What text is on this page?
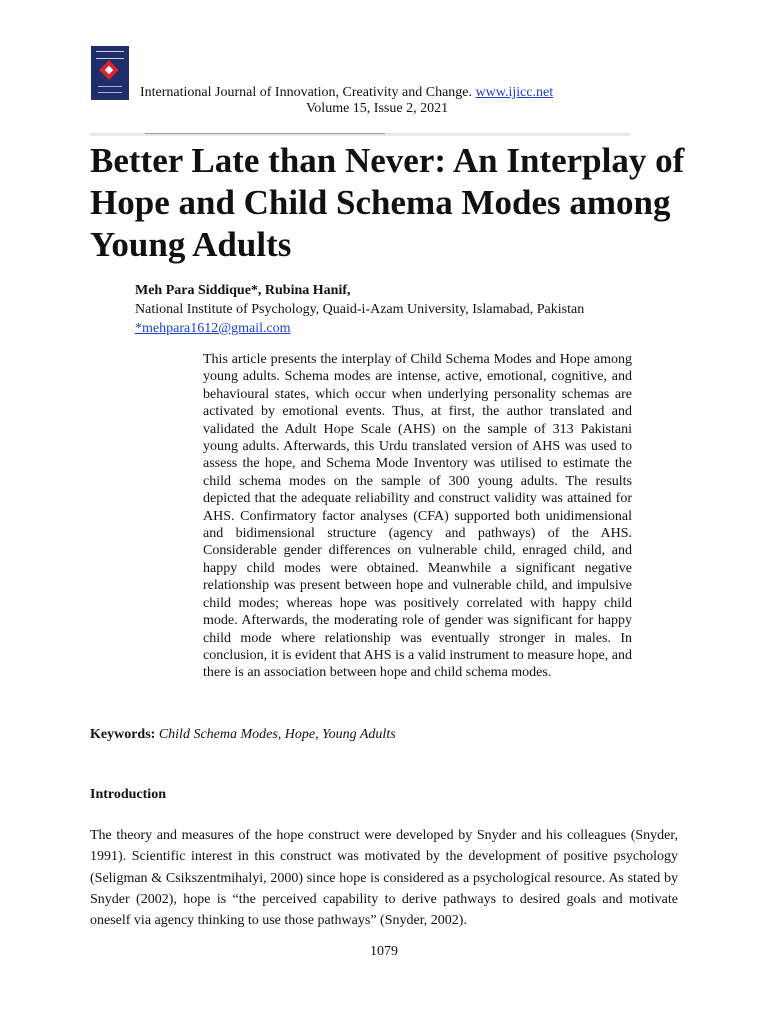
International Journal of Innovation, Creativity and Change. www.ijicc.net
Volume 15, Issue 2, 2021
Better Late than Never: An Interplay of Hope and Child Schema Modes among Young Adults
Meh Para Siddique*, Rubina Hanif,
National Institute of Psychology, Quaid-i-Azam University, Islamabad, Pakistan
*mehpara1612@gmail.com

This article presents the interplay of Child Schema Modes and Hope among young adults. Schema modes are intense, active, emotional, cognitive, and behavioural states, which occur when underlying personality schemas are activated by emotional events. Thus, at first, the author translated and validated the Adult Hope Scale (AHS) on the sample of 313 Pakistani young adults. Afterwards, this Urdu translated version of AHS was used to assess the hope, and Schema Mode Inventory was utilised to estimate the child schema modes on the sample of 300 young adults. The results depicted that the adequate reliability and construct validity was attained for AHS. Confirmatory factor analyses (CFA) supported both unidimensional and bidimensional structure (agency and pathways) of the AHS. Considerable gender differences on vulnerable child, enraged child, and happy child modes were obtained. Meanwhile a significant negative relationship was present between hope and vulnerable child, and impulsive child modes; whereas hope was positively correlated with happy child mode. Afterwards, the moderating role of gender was significant for happy child mode where relationship was eventually stronger in males. In conclusion, it is evident that AHS is a valid instrument to measure hope, and there is an association between hope and child schema modes.

Keywords: Child Schema Modes, Hope, Young Adults
Introduction

The theory and measures of the hope construct were developed by Snyder and his colleagues (Snyder, 1991). Scientific interest in this construct was motivated by the development of positive psychology (Seligman & Csikszentmihalyi, 2000) since hope is considered as a psychological resource. As stated by Snyder (2002), hope is “the perceived capability to derive pathways to desired goals and motivate oneself via agency thinking to use those pathways” (Snyder, 2002).

1079
